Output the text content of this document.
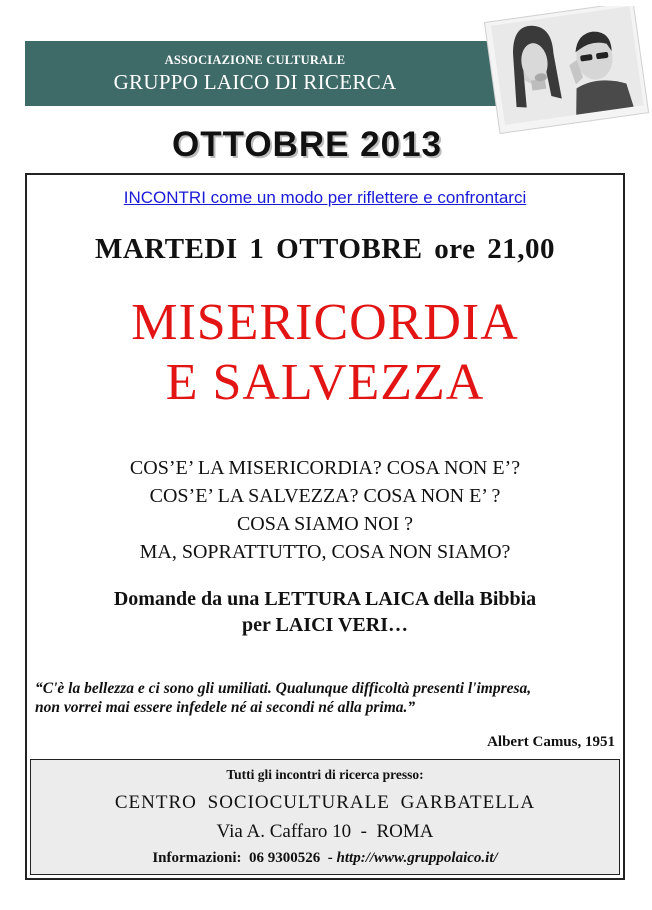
ASSOCIAZIONE CULTURALE
GRUPPO LAICO DI RICERCA
OTTOBRE 2013
INCONTRI come un modo per riflettere e confrontarci
MARTEDI 1 OTTOBRE ore 21,00
MISERICORDIA
E SALVEZZA
COS’E’ LA MISERICORDIA? COSA NON E’?
COS’E’ LA SALVEZZA? COSA NON E’ ?
COSA SIAMO NOI ?
MA, SOPRATTUTTO, COSA NON SIAMO?
Domande da una LETTURA LAICA della Bibbia
per LAICI VERI…
“C'è la bellezza e ci sono gli umiliati. Qualunque difficoltà presenti l'impresa,
non vorrei mai essere infedele né ai secondi né alla prima.”
Albert Camus, 1951
Tutti gli incontri di ricerca presso:
CENTRO SOCIOCULTURALE GARBATELLA
Via A. Caffaro 10  -  ROMA
Informazioni: 06 9300526 - http://www.gruppolaico.it/
